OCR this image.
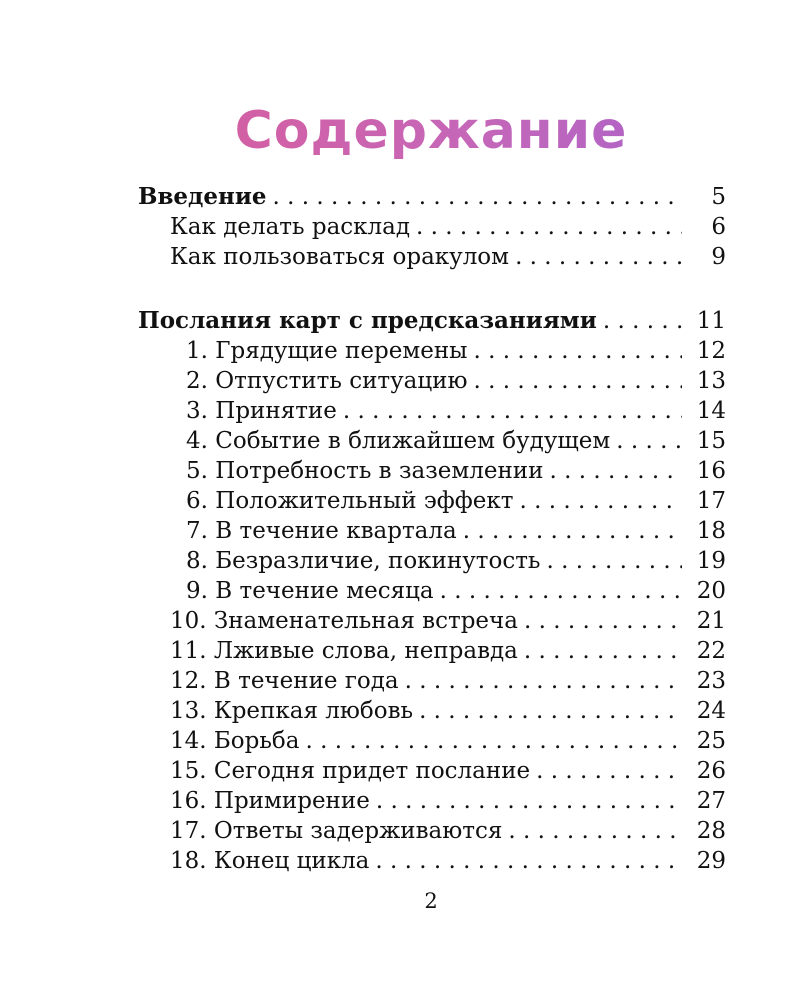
Содержание
Введение . . .	5
Как делать расклад . . .	6
Как пользоваться оракулом . . .	9
Послания карт с предсказаниями . . .	11
1. Грядущие перемены . . .	12
2. Отпустить ситуацию . . .	13
3. Принятие . . .	14
4. Событие в ближайшем будущем . . .	15
5. Потребность в заземлении . . .	16
6. Положительный эффект . . .	17
7. В течение квартала . . .	18
8. Безразличие, покинутость . . .	19
9. В течение месяца . . .	20
10. Знаменательная встреча . . .	21
11. Лживые слова, неправда . . .	22
12. В течение года . . .	23
13. Крепкая любовь . . .	24
14. Борьба . . .	25
15. Сегодня придет послание . . .	26
16. Примирение . . .	27
17. Ответы задерживаются . . .	28
18. Конец цикла . . .	29
2
